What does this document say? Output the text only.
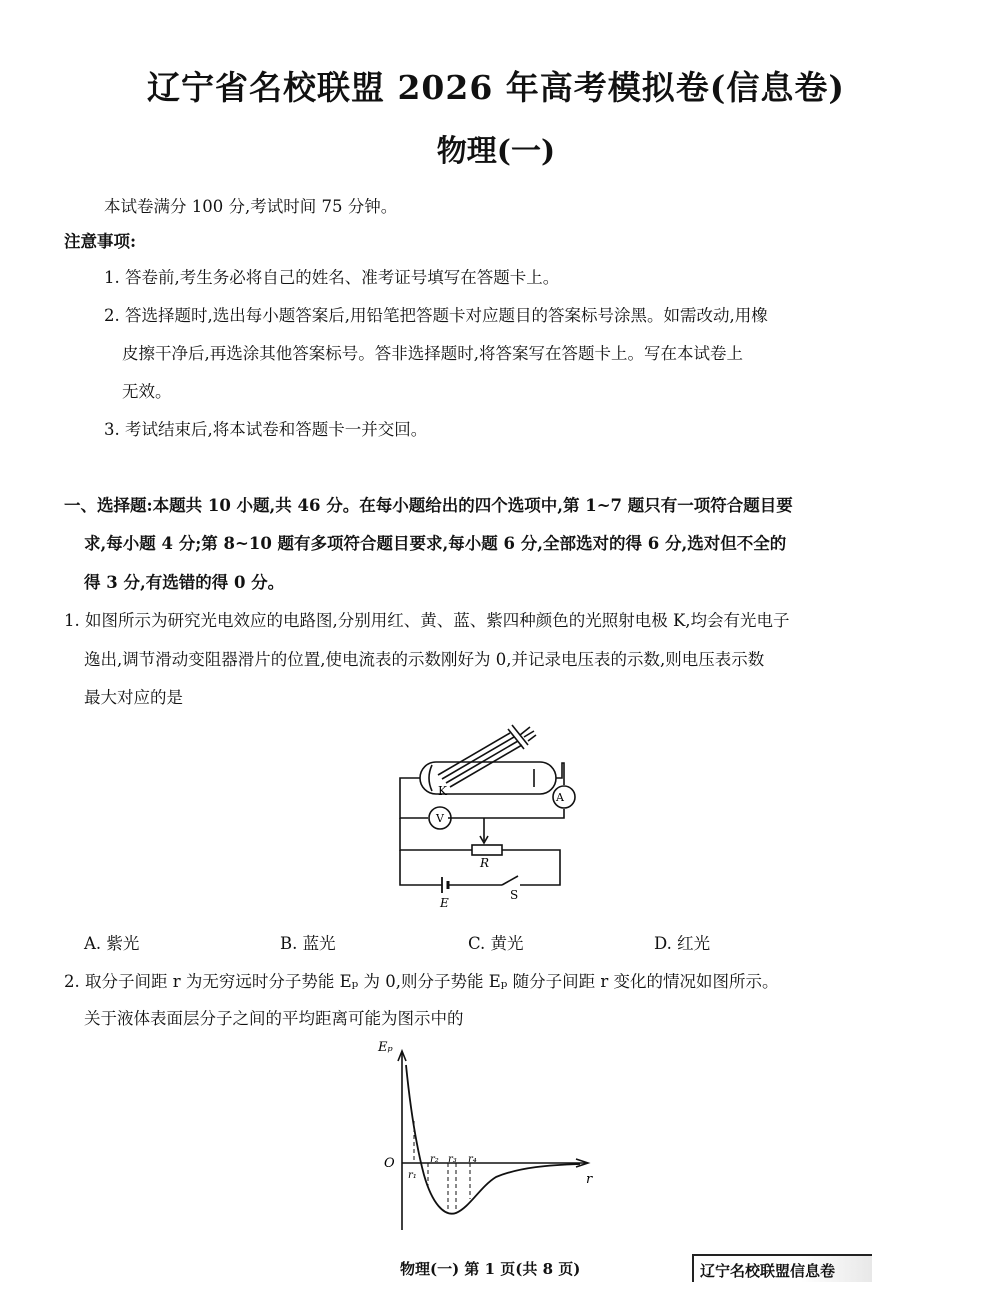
辽宁省名校联盟 2026 年高考模拟卷(信息卷)
物理(一)
本试卷满分 100 分,考试时间 75 分钟。
注意事项:
1. 答卷前,考生务必将自己的姓名、准考证号填写在答题卡上。
2. 答选择题时,选出每小题答案后,用铅笔把答题卡对应题目的答案标号涂黑。如需改动,用橡
皮擦干净后,再选涂其他答案标号。答非选择题时,将答案写在答题卡上。写在本试卷上
无效。
3. 考试结束后,将本试卷和答题卡一并交回。
一、选择题:本题共 10 小题,共 46 分。在每小题给出的四个选项中,第 1~7 题只有一项符合题目要
求,每小题 4 分;第 8~10 题有多项符合题目要求,每小题 6 分,全部选对的得 6 分,选对但不全的
得 3 分,有选错的得 0 分。
1. 如图所示为研究光电效应的电路图,分别用红、黄、蓝、紫四种颜色的光照射电极 K,均会有光电子
逸出,调节滑动变阻器滑片的位置,使电流表的示数刚好为 0,并记录电压表的示数,则电压表示数
最大对应的是
K	A
V
R
E
S
A. 紫光	B. 蓝光	C. 黄光	D. 红光
2. 取分子间距 r 为无穷远时分子势能 Eₚ 为 0,则分子势能 Eₚ 随分子间距 r 变化的情况如图所示。
关于液体表面层分子之间的平均距离可能为图示中的
Eₚ
r
O
r₁
r₂ r₃ r₄
物理(一) 第 1 页(共 8 页)	辽宁名校联盟信息卷
